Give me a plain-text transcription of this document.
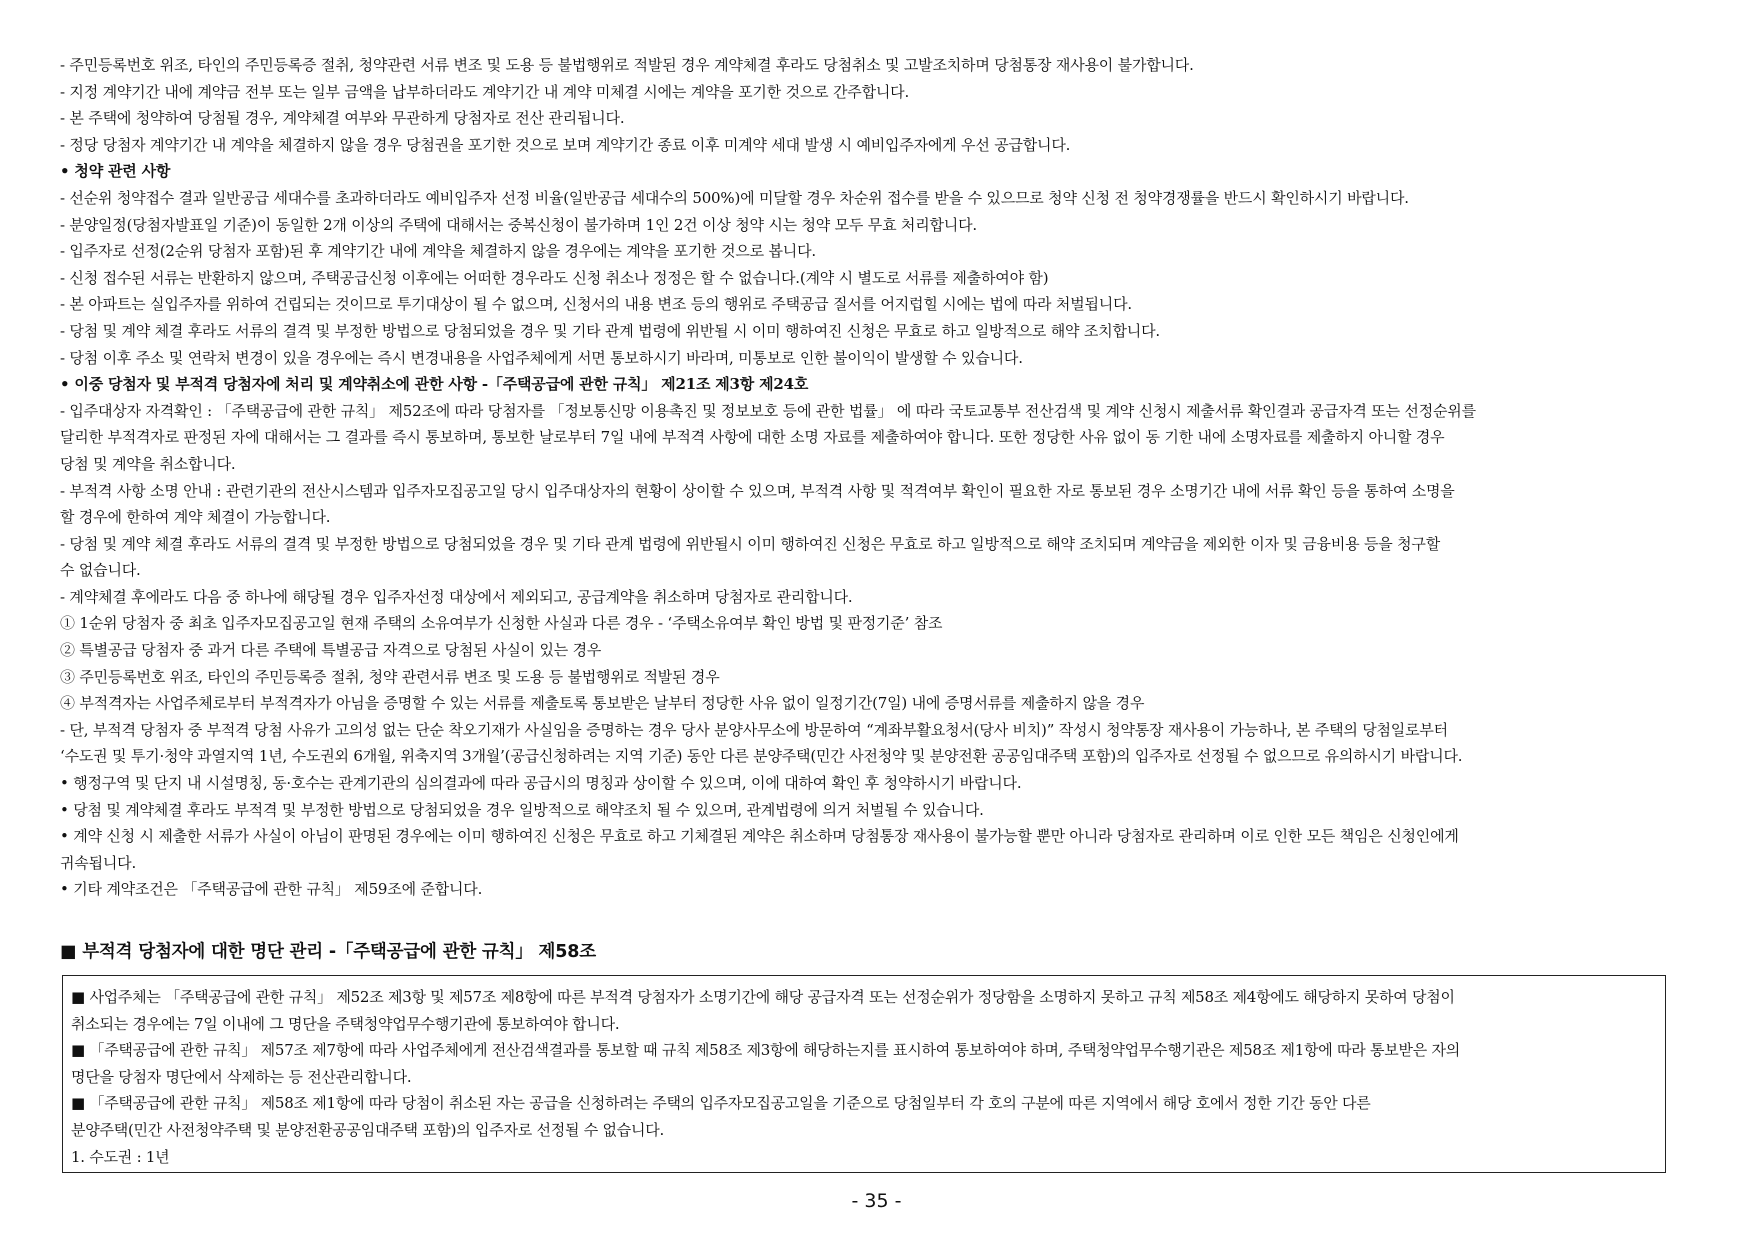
- 주민등록번호 위조, 타인의 주민등록증 절취, 청약관련 서류 변조 및 도용 등 불법행위로 적발된 경우 계약체결 후라도 당첨취소 및 고발조치하며 당첨통장 재사용이 불가합니다.

- 지정 계약기간 내에 계약금 전부 또는 일부 금액을 납부하더라도 계약기간 내 계약 미체결 시에는 계약을 포기한 것으로 간주합니다.

- 본 주택에 청약하여 당첨될 경우, 계약체결 여부와 무관하게 당첨자로 전산 관리됩니다.

- 정당 당첨자 계약기간 내 계약을 체결하지 않을 경우 당첨권을 포기한 것으로 보며 계약기간 종료 이후 미계약 세대 발생 시 예비입주자에게 우선 공급합니다.

• 청약 관련 사항

- 선순위 청약접수 결과 일반공급 세대수를 초과하더라도 예비입주자 선정 비율(일반공급 세대수의 500%)에 미달할 경우 차순위 접수를 받을 수 있으므로 청약 신청 전 청약경쟁률을 반드시 확인하시기 바랍니다.

- 분양일정(당첨자발표일 기준)이 동일한 2개 이상의 주택에 대해서는 중복신청이 불가하며 1인 2건 이상 청약 시는 청약 모두 무효 처리합니다.

- 입주자로 선정(2순위 당첨자 포함)된 후 계약기간 내에 계약을 체결하지 않을 경우에는 계약을 포기한 것으로 봅니다.

- 신청 접수된 서류는 반환하지 않으며, 주택공급신청 이후에는 어떠한 경우라도 신청 취소나 정정은 할 수 없습니다.(계약 시 별도로 서류를 제출하여야 함)

- 본 아파트는 실입주자를 위하여 건립되는 것이므로 투기대상이 될 수 없으며, 신청서의 내용 변조 등의 행위로 주택공급 질서를 어지럽힐 시에는 법에 따라 처벌됩니다.

- 당첨 및 계약 체결 후라도 서류의 결격 및 부정한 방법으로 당첨되었을 경우 및 기타 관계 법령에 위반될 시 이미 행하여진 신청은 무효로 하고 일방적으로 해약 조치합니다.

- 당첨 이후 주소 및 연락처 변경이 있을 경우에는 즉시 변경내용을 사업주체에게 서면 통보하시기 바라며, 미통보로 인한 불이익이 발생할 수 있습니다.

• 이중 당첨자 및 부적격 당첨자에 처리 및 계약취소에 관한 사항 -「주택공급에 관한 규칙」 제21조 제3항 제24호

- 입주대상자 자격확인 : 「주택공급에 관한 규칙」 제52조에 따라 당첨자를 「정보통신망 이용촉진 및 정보보호 등에 관한 법률」 에 따라 국토교통부 전산검색 및 계약 신청시 제출서류 확인결과 공급자격 또는 선정순위를

달리한 부적격자로 판정된 자에 대해서는 그 결과를 즉시 통보하며, 통보한 날로부터 7일 내에 부적격 사항에 대한 소명 자료를 제출하여야 합니다. 또한 정당한 사유 없이 동 기한 내에 소명자료를 제출하지 아니할 경우

당첨 및 계약을 취소합니다.

- 부적격 사항 소명 안내 : 관련기관의 전산시스템과 입주자모집공고일 당시 입주대상자의 현황이 상이할 수 있으며, 부적격 사항 및 적격여부 확인이 필요한 자로 통보된 경우 소명기간 내에 서류 확인 등을 통하여 소명을

할 경우에 한하여 계약 체결이 가능합니다.

- 당첨 및 계약 체결 후라도 서류의 결격 및 부정한 방법으로 당첨되었을 경우 및 기타 관계 법령에 위반될시 이미 행하여진 신청은 무효로 하고 일방적으로 해약 조치되며 계약금을 제외한 이자 및 금융비용 등을 청구할

수 없습니다.

- 계약체결 후에라도 다음 중 하나에 해당될 경우 입주자선정 대상에서 제외되고, 공급계약을 취소하며 당첨자로 관리합니다.

① 1순위 당첨자 중 최초 입주자모집공고일 현재 주택의 소유여부가 신청한 사실과 다른 경우 - ‘주택소유여부 확인 방법 및 판정기준’ 참조

② 특별공급 당첨자 중 과거 다른 주택에 특별공급 자격으로 당첨된 사실이 있는 경우

③ 주민등록번호 위조, 타인의 주민등록증 절취, 청약 관련서류 변조 및 도용 등 불법행위로 적발된 경우

④ 부적격자는 사업주체로부터 부적격자가 아님을 증명할 수 있는 서류를 제출토록 통보받은 날부터 정당한 사유 없이 일정기간(7일) 내에 증명서류를 제출하지 않을 경우

- 단, 부적격 당첨자 중 부적격 당첨 사유가 고의성 없는 단순 착오기재가 사실임을 증명하는 경우 당사 분양사무소에 방문하여 “계좌부활요청서(당사 비치)” 작성시 청약통장 재사용이 가능하나, 본 주택의 당첨일로부터

‘수도권 및 투기·청약 과열지역 1년, 수도권외 6개월, 위축지역 3개월’(공급신청하려는 지역 기준) 동안 다른 분양주택(민간 사전청약 및 분양전환 공공임대주택 포함)의 입주자로 선정될 수 없으므로 유의하시기 바랍니다.

• 행정구역 및 단지 내 시설명칭, 동·호수는 관계기관의 심의결과에 따라 공급시의 명칭과 상이할 수 있으며, 이에 대하여 확인 후 청약하시기 바랍니다.

• 당첨 및 계약체결 후라도 부적격 및 부정한 방법으로 당첨되었을 경우 일방적으로 해약조치 될 수 있으며, 관계법령에 의거 처벌될 수 있습니다.

• 계약 신청 시 제출한 서류가 사실이 아님이 판명된 경우에는 이미 행하여진 신청은 무효로 하고 기체결된 계약은 취소하며 당첨통장 재사용이 불가능할 뿐만 아니라 당첨자로 관리하며 이로 인한 모든 책임은 신청인에게

귀속됩니다.

• 기타 계약조건은 「주택공급에 관한 규칙」 제59조에 준합니다.

■ 부적격 당첨자에 대한 명단 관리 -「주택공급에 관한 규칙」 제58조

■ 사업주체는 「주택공급에 관한 규칙」 제52조 제3항 및 제57조 제8항에 따른 부적격 당첨자가 소명기간에 해당 공급자격 또는 선정순위가 정당함을 소명하지 못하고 규칙 제58조 제4항에도 해당하지 못하여 당첨이

취소되는 경우에는 7일 이내에 그 명단을 주택청약업무수행기관에 통보하여야 합니다.

■ 「주택공급에 관한 규칙」 제57조 제7항에 따라 사업주체에게 전산검색결과를 통보할 때 규칙 제58조 제3항에 해당하는지를 표시하여 통보하여야 하며, 주택청약업무수행기관은 제58조 제1항에 따라 통보받은 자의

명단을 당첨자 명단에서 삭제하는 등 전산관리합니다.

■ 「주택공급에 관한 규칙」 제58조 제1항에 따라 당첨이 취소된 자는 공급을 신청하려는 주택의 입주자모집공고일을 기준으로 당첨일부터 각 호의 구분에 따른 지역에서 해당 호에서 정한 기간 동안 다른

분양주택(민간 사전청약주택 및 분양전환공공임대주택 포함)의 입주자로 선정될 수 없습니다.

1. 수도권 : 1년

- 35 -
